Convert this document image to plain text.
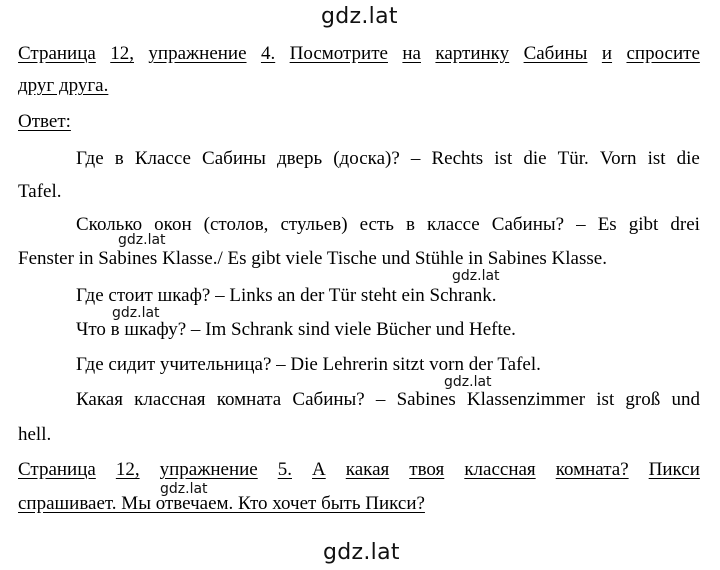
gdz.lat
gdz.lat
gdz.lat
gdz.lat
gdz.lat
gdz.lat
gdz.lat
Страница 12, упражнение 4. Посмотрите на картинку Сабины и спросите
друг друга.
Ответ:
Где в Классе Сабины дверь (доска)? – Rechts ist die Tür. Vorn ist die
Tafel.
Сколько окон (столов, стульев) есть в классе Сабины? – Es gibt drei
Fenster in Sabines Klasse./ Es gibt viele Tische und Stühle in Sabines Klasse.
Где стоит шкаф? – Links an der Tür steht ein Schrank.
Что в шкафу? – Im Schrank sind viele Bücher und Hefte.
Где сидит учительница? – Die Lehrerin sitzt vorn der Tafel.
Какая классная комната Сабины? – Sabines Klassenzimmer ist groß und
hell.
Страница 12, упражнение 5. А какая твоя классная комната? Пикси
спрашивает. Мы отвечаем. Кто хочет быть Пикси?
